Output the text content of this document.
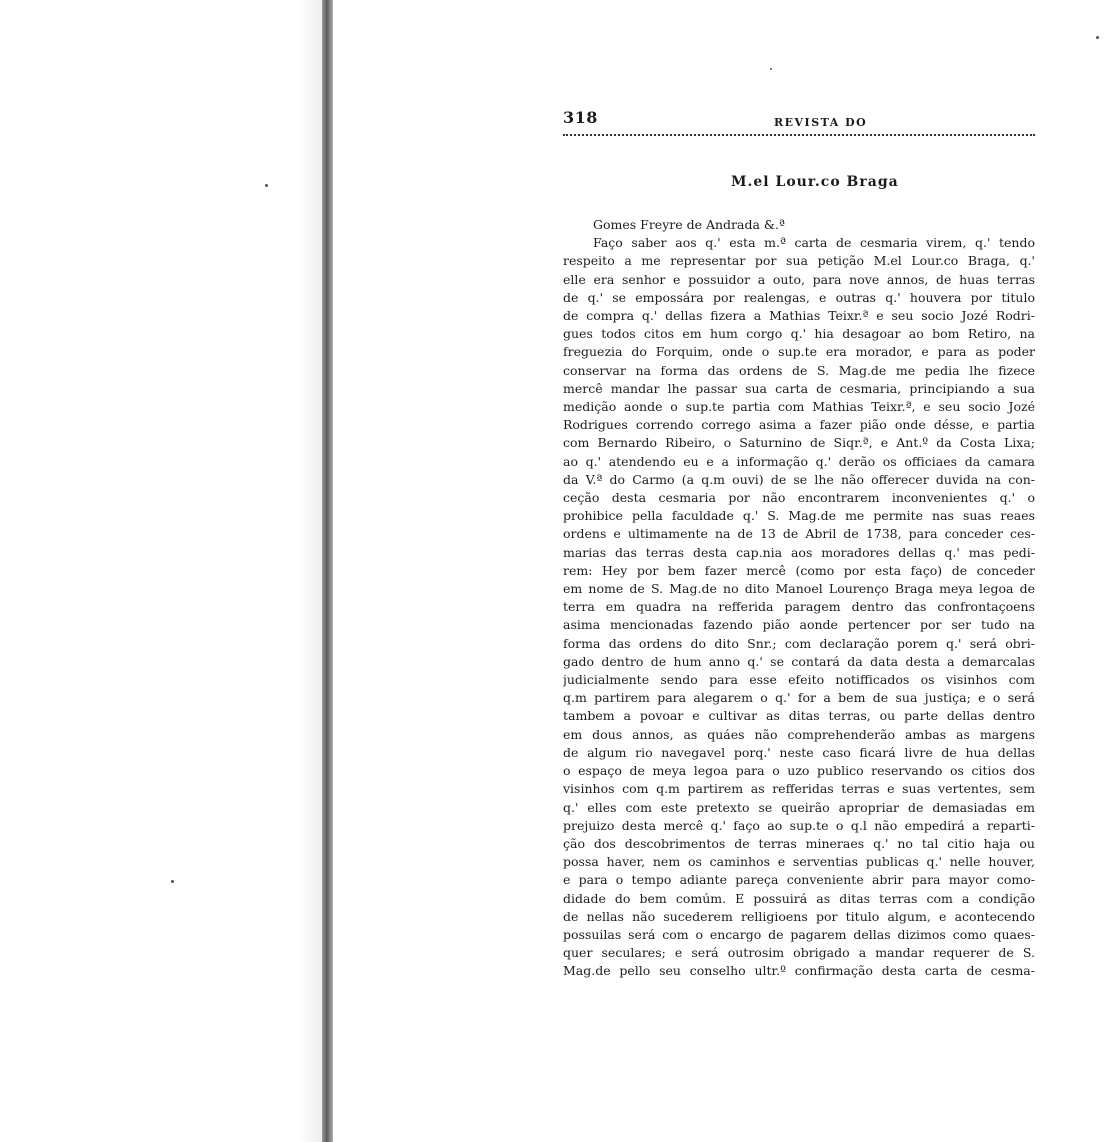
318	REVISTA DO
M.el Lour.co Braga
Gomes Freyre de Andrada &.ª
Faço saber aos q.' esta m.ª carta de cesmaria virem, q.' tendo
respeito a me representar por sua petição M.el Lour.co Braga, q.'
elle era senhor e possuidor a outo, para nove annos, de huas terras
de q.' se empossára por realengas, e outras q.' houvera por titulo
de compra q.' dellas fizera a Mathias Teixr.ª e seu socio Jozé Rodri-
gues todos citos em hum corgo q.' hia desagoar ao bom Retiro, na
freguezia do Forquim, onde o sup.te era morador, e para as poder
conservar na forma das ordens de S. Mag.de me pedia lhe fizece
mercê mandar lhe passar sua carta de cesmaria, principiando a sua
medição aonde o sup.te partia com Mathias Teixr.ª, e seu socio Jozé
Rodrigues correndo corrego asima a fazer pião onde désse, e partia
com Bernardo Ribeiro, o Saturnino de Siqr.ª, e Ant.º da Costa Lixa;
ao q.' atendendo eu e a informação q.' derão os officiaes da camara
da V.ª do Carmo (a q.m ouvi) de se lhe não offerecer duvida na con-
ceção desta cesmaria por não encontrarem inconvenientes q.' o
prohibice pella faculdade q.' S. Mag.de me permite nas suas reaes
ordens e ultimamente na de 13 de Abril de 1738, para conceder ces-
marias das terras desta cap.nia aos moradores dellas q.' mas pedi-
rem: Hey por bem fazer mercê (como por esta faço) de conceder
em nome de S. Mag.de no dito Manoel Lourenço Braga meya legoa de
terra em quadra na refferida paragem dentro das confrontaçoens
asima mencionadas fazendo pião aonde pertencer por ser tudo na
forma das ordens do dito Snr.; com declaração porem q.' será obri-
gado dentro de hum anno q.' se contará da data desta a demarcalas
judicialmente sendo para esse efeito notifficados os visinhos com
q.m partirem para alegarem o q.' for a bem de sua justiça; e o será
tambem a povoar e cultivar as ditas terras, ou parte dellas dentro
em dous annos, as quáes não comprehenderão ambas as margens
de algum rio navegavel porq.' neste caso ficará livre de hua dellas
o espaço de meya legoa para o uzo publico reservando os citios dos
visinhos com q.m partirem as refferidas terras e suas vertentes, sem
q.' elles com este pretexto se queirão apropriar de demasiadas em
prejuizo desta mercê q.' faço ao sup.te o q.l não empedirá a reparti-
ção dos descobrimentos de terras mineraes q.' no tal citio haja ou
possa haver, nem os caminhos e serventias publicas q.' nelle houver,
e para o tempo adiante pareça conveniente abrir para mayor como-
didade do bem comúm. E possuirá as ditas terras com a condição
de nellas não sucederem relligioens por titulo algum, e acontecendo
possuilas será com o encargo de pagarem dellas dizimos como quaes-
quer seculares; e será outrosim obrigado a mandar requerer de S.
Mag.de pello seu conselho ultr.º confirmação desta carta de cesma-
